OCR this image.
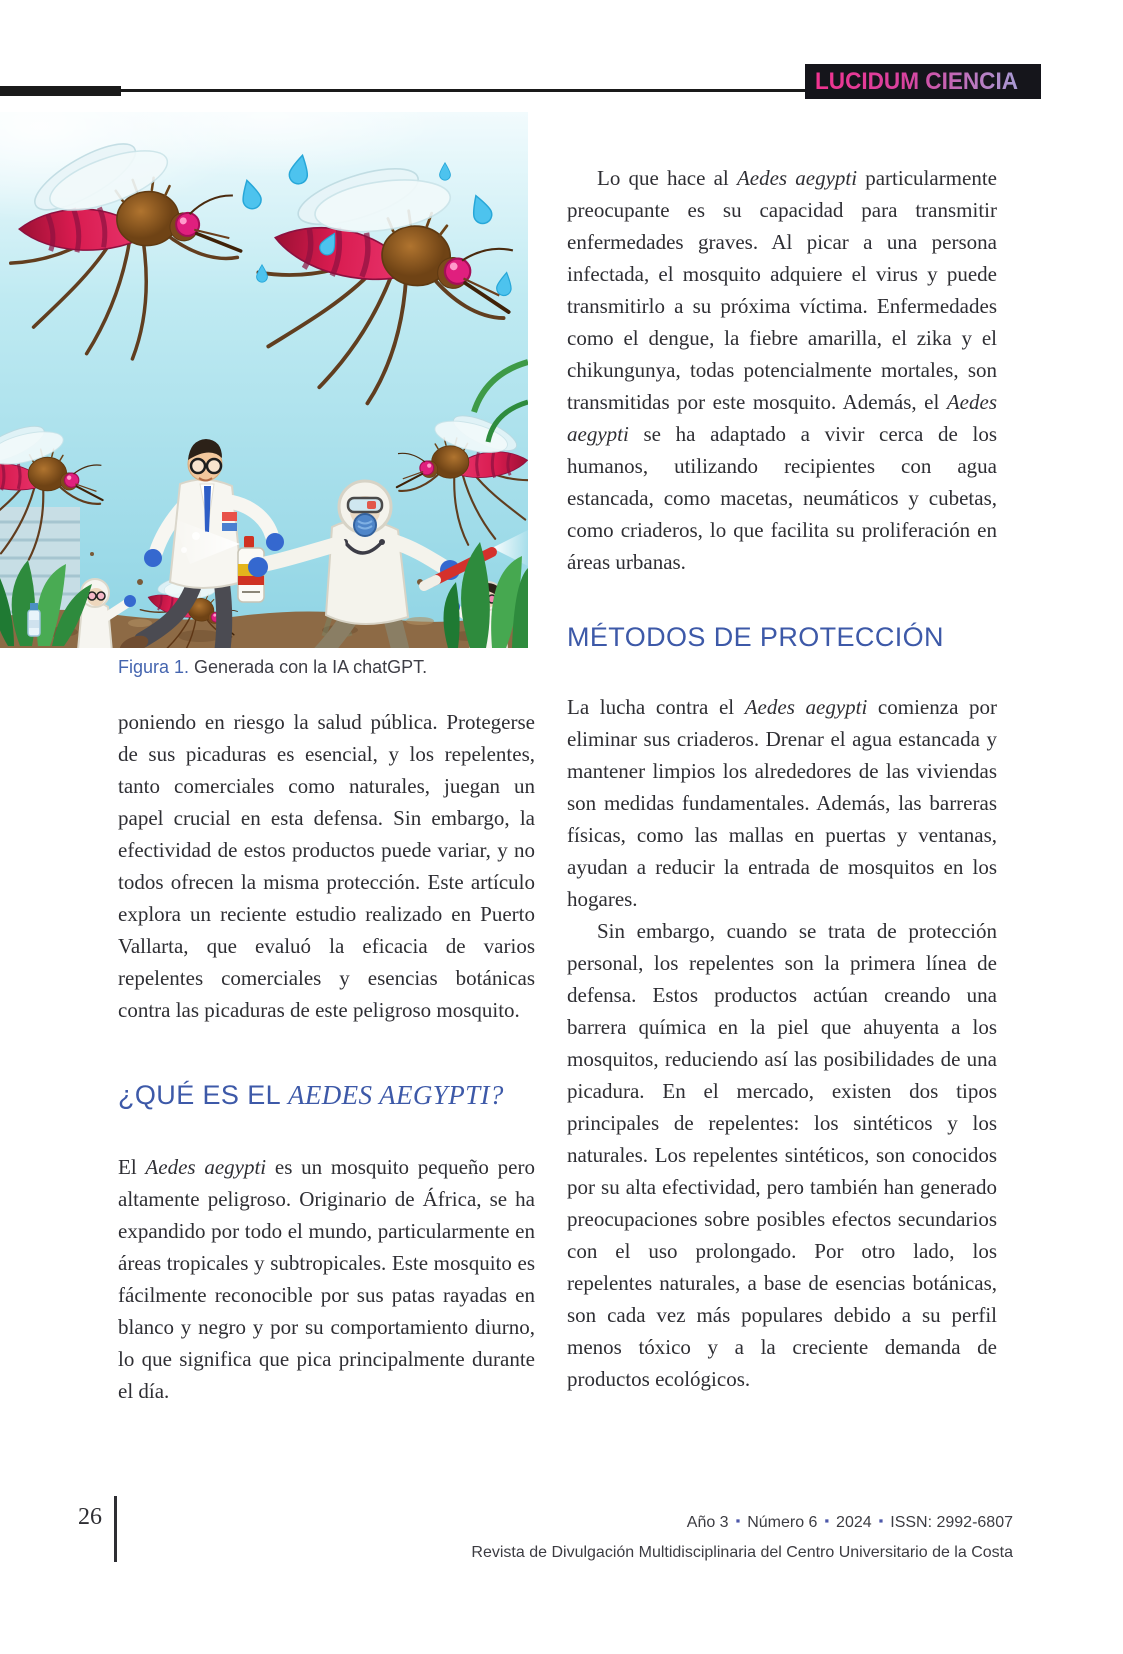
LUCIDUM CIENCIA
Figura 1. Generada con la IA chatGPT.

poniendo en riesgo la salud pública. Protegerse de sus picaduras es esencial, y los repelentes, tanto comerciales como naturales, juegan un papel crucial en esta defensa. Sin embargo, la efectividad de estos productos puede variar, y no todos ofrecen la misma protección. Este artículo explora un reciente estudio realizado en Puerto Vallarta, que evaluó la eficacia de varios repelentes comerciales y esencias botánicas contra las picaduras de este peligroso mosquito.

¿QUÉ ES EL AEDES AEGYPTI?

El Aedes aegypti es un mosquito pequeño pero altamente peligroso. Originario de África, se ha expandido por todo el mundo, particularmente en áreas tropicales y subtropicales. Este mosquito es fácilmente reconocible por sus patas rayadas en blanco y negro y por su comportamiento diurno, lo que significa que pica principalmente durante el día.

Lo que hace al Aedes aegypti particularmente preocupante es su capacidad para transmitir enfermedades graves. Al picar a una persona infectada, el mosquito adquiere el virus y puede transmitirlo a su próxima víctima. Enfermedades como el dengue, la fiebre amarilla, el zika y el chikungunya, todas potencialmente mortales, son transmitidas por este mosquito. Además, el Aedes aegypti se ha adaptado a vivir cerca de los humanos, utilizando recipientes con agua estancada, como macetas, neumáticos y cubetas, como criaderos, lo que facilita su proliferación en áreas urbanas.

MÉTODOS DE PROTECCIÓN

La lucha contra el Aedes aegypti comienza por eliminar sus criaderos. Drenar el agua estancada y mantener limpios los alrededores de las viviendas son medidas fundamentales. Además, las barreras físicas, como las mallas en puertas y ventanas, ayudan a reducir la entrada de mosquitos en los hogares.

Sin embargo, cuando se trata de protección personal, los repelentes son la primera línea de defensa. Estos productos actúan creando una barrera química en la piel que ahuyenta a los mosquitos, reduciendo así las posibilidades de una picadura. En el mercado, existen dos tipos principales de repelentes: los sintéticos y los naturales. Los repelentes sintéticos, son conocidos por su alta efectividad, pero también han generado preocupaciones sobre posibles efectos secundarios con el uso prolongado. Por otro lado, los repelentes naturales, a base de esencias botánicas, son cada vez más populares debido a su perfil menos tóxico y a la creciente demanda de productos ecológicos.

26	Año 3 ▪ Número 6 ▪ 2024 ▪ ISSN: 2992-6807
Revista de Divulgación Multidisciplinaria del Centro Universitario de la Costa
